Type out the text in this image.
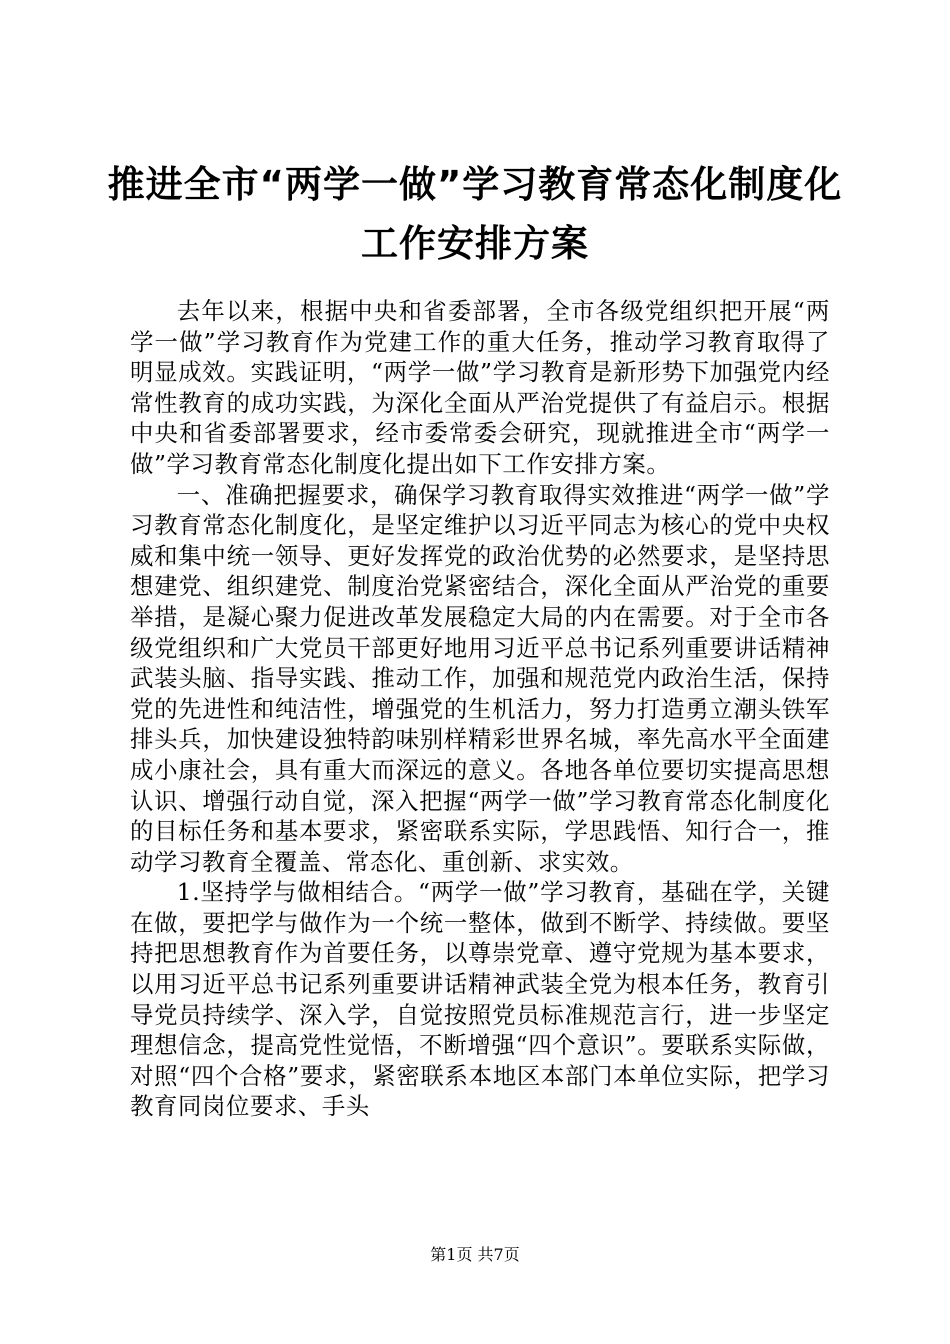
推进全市“两学一做”学习教育常态化制度化
工作安排方案

去年以来，根据中央和省委部署，全市各级党组织把开展“两学一做”学习教育作为党建工作的重大任务，推动学习教育取得了明显成效。实践证明，“两学一做”学习教育是新形势下加强党内经常性教育的成功实践，为深化全面从严治党提供了有益启示。根据中央和省委部署要求，经市委常委会研究，现就推进全市“两学一做”学习教育常态化制度化提出如下工作安排方案。

一、准确把握要求，确保学习教育取得实效推进“两学一做”学习教育常态化制度化，是坚定维护以习近平同志为核心的党中央权威和集中统一领导、更好发挥党的政治优势的必然要求，是坚持思想建党、组织建党、制度治党紧密结合，深化全面从严治党的重要举措，是凝心聚力促进改革发展稳定大局的内在需要。对于全市各级党组织和广大党员干部更好地用习近平总书记系列重要讲话精神武装头脑、指导实践、推动工作，加强和规范党内政治生活，保持党的先进性和纯洁性，增强党的生机活力，努力打造勇立潮头铁军排头兵，加快建设独特韵味别样精彩世界名城，率先高水平全面建成小康社会，具有重大而深远的意义。各地各单位要切实提高思想认识、增强行动自觉，深入把握“两学一做”学习教育常态化制度化的目标任务和基本要求，紧密联系实际，学思践悟、知行合一，推动学习教育全覆盖、常态化、重创新、求实效。

1.坚持学与做相结合。“两学一做”学习教育，基础在学，关键在做，要把学与做作为一个统一整体，做到不断学、持续做。要坚持把思想教育作为首要任务，以尊崇党章、遵守党规为基本要求，以用习近平总书记系列重要讲话精神武装全党为根本任务，教育引导党员持续学、深入学，自觉按照党员标准规范言行，进一步坚定理想信念，提高党性觉悟，不断增强“四个意识”。要联系实际做，对照“四个合格”要求，紧密联系本地区本部门本单位实际，把学习教育同岗位要求、手头

第1页 共7页
